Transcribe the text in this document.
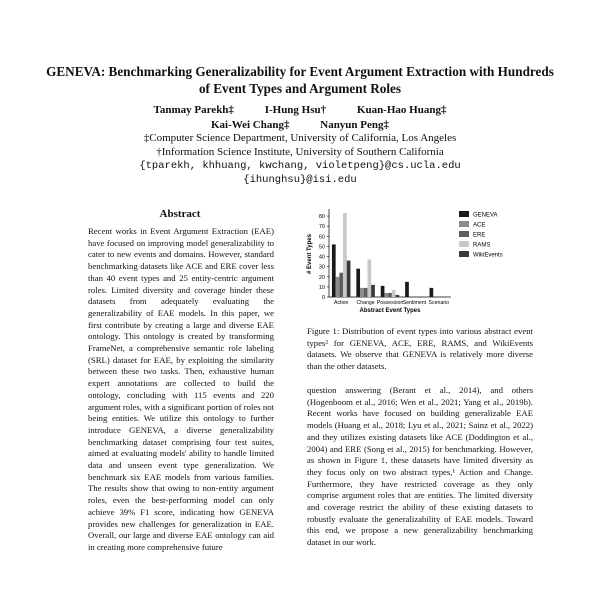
GENEVA: Benchmarking Generalizability for Event Argument Extraction with Hundreds of Event Types and Argument Roles
Tanmay Parekh‡	I-Hung Hsu†	Kuan-Hao Huang‡
Kai-Wei Chang‡	Nanyun Peng‡
‡Computer Science Department, University of California, Los Angeles
†Information Science Institute, University of Southern California
{tparekh, khhuang, kwchang, violetpeng}@cs.ucla.edu
{ihunghsu}@isi.edu
Abstract
Recent works in Event Argument Extraction (EAE) have focused on improving model generalizability to cater to new events and domains. However, standard benchmarking datasets like ACE and ERE cover less than 40 event types and 25 entity-centric argument roles. Limited diversity and coverage hinder these datasets from adequately evaluating the generalizability of EAE models. In this paper, we first contribute by creating a large and diverse EAE ontology. This ontology is created by transforming FrameNet, a comprehensive semantic role labeling (SRL) dataset for EAE, by exploiting the similarity between these two tasks. Then, exhaustive human expert annotations are collected to build the ontology, concluding with 115 events and 220 argument roles, with a significant portion of roles not being entities. We utilize this ontology to further introduce GENEVA, a diverse generalizability benchmarking dataset comprising four test suites, aimed at evaluating models' ability to handle limited data and unseen event type generalization. We benchmark six EAE models from various families. The results show that owing to non-entity argument roles, even the best-performing model can only achieve 39% F1 score, indicating how GENEVA provides new challenges for generalization in EAE. Overall, our large and diverse EAE ontology can aid in creating more comprehensive future
0
10
20
30
40
50
60
70
80
Action Change Possession Sentiment Scenario
Abstract Event Types
# Event Types
GENEVA
ACE
ERE
RAMS
WikiEvents
Figure 1: Distribution of event types into various abstract event types² for GENEVA, ACE, ERE, RAMS, and WikiEvents datasets. We observe that GENEVA is relatively more diverse than the other datasets.
question answering (Berant et al., 2014), and others (Hogenboom et al., 2016; Wen et al., 2021; Yang et al., 2019b). Recent works have focused on building generalizable EAE models (Huang et al., 2018; Lyu et al., 2021; Sainz et al., 2022) and they utilizes existing datasets like ACE (Doddington et al., 2004) and ERE (Song et al., 2015) for benchmarking. However, as shown in Figure 1, these datasets have limited diversity as they focus only on two abstract types,¹ Action and Change. Furthermore, they have restricted coverage as they only comprise argument roles that are entities. The limited diversity and coverage restrict the ability of these existing datasets to robustly evaluate the generalizability of EAE models. Toward this end, we propose a new generalizability benchmarking dataset in our work.
